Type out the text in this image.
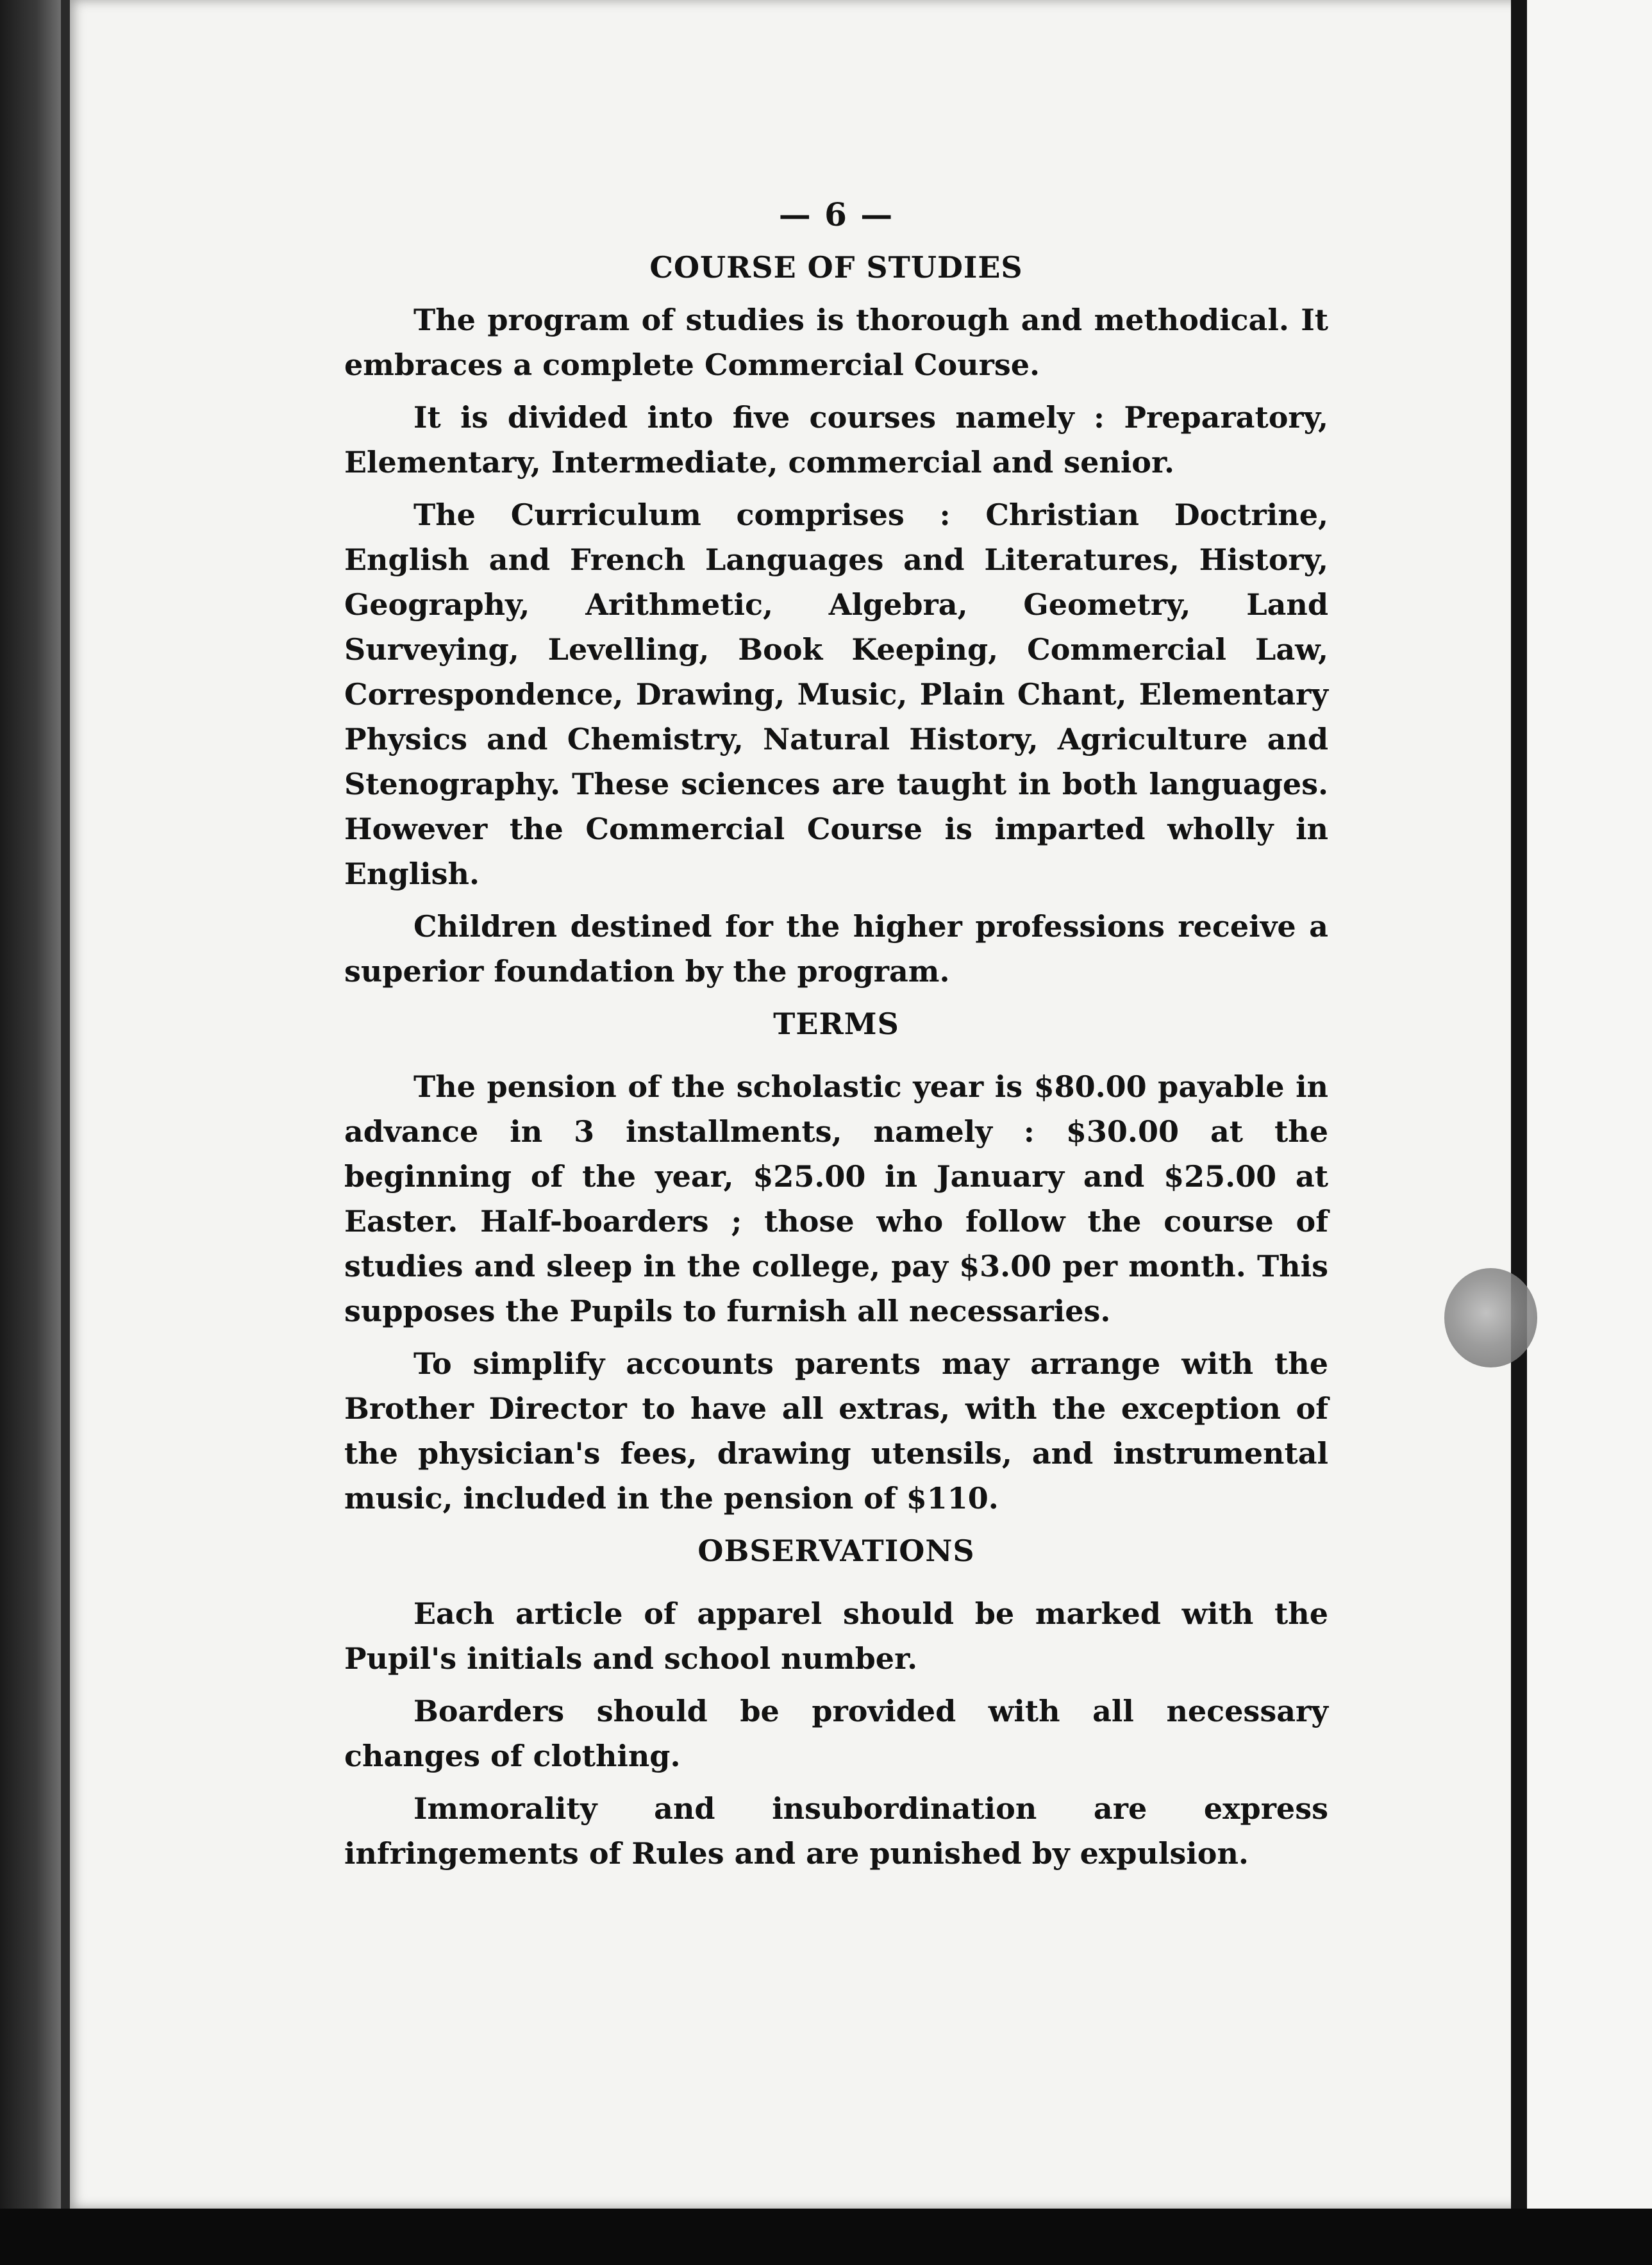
— 6 —
COURSE OF STUDIES

The program of studies is thorough and methodical. It embraces a complete Commercial Course.

It is divided into five courses namely : Preparatory, Elementary, Intermediate, commercial and senior.

The Curriculum comprises : Christian Doctrine, English and French Languages and Literatures, History, Geography, Arithmetic, Algebra, Geometry, Land Surveying, Levelling, Book Keeping, Commercial Law, Correspondence, Drawing, Music, Plain Chant, Elementary Physics and Chemistry, Natural History, Agriculture and Stenography. These sciences are taught in both languages. However the Commercial Course is imparted wholly in English.

Children destined for the higher professions receive a superior foundation by the program.

TERMS

The pension of the scholastic year is $80.00 payable in advance in 3 installments, namely : $30.00 at the beginning of the year, $25.00 in January and $25.00 at Easter. Half-boarders ; those who follow the course of studies and sleep in the college, pay $3.00 per month. This supposes the Pupils to furnish all necessaries.

To simplify accounts parents may arrange with the Brother Director to have all extras, with the exception of the physician's fees, drawing utensils, and instrumental music, included in the pension of $110.

OBSERVATIONS

Each article of apparel should be marked with the Pupil's initials and school number.

Boarders should be provided with all necessary changes of clothing.

Immorality and insubordination are express infringements of Rules and are punished by expulsion.
